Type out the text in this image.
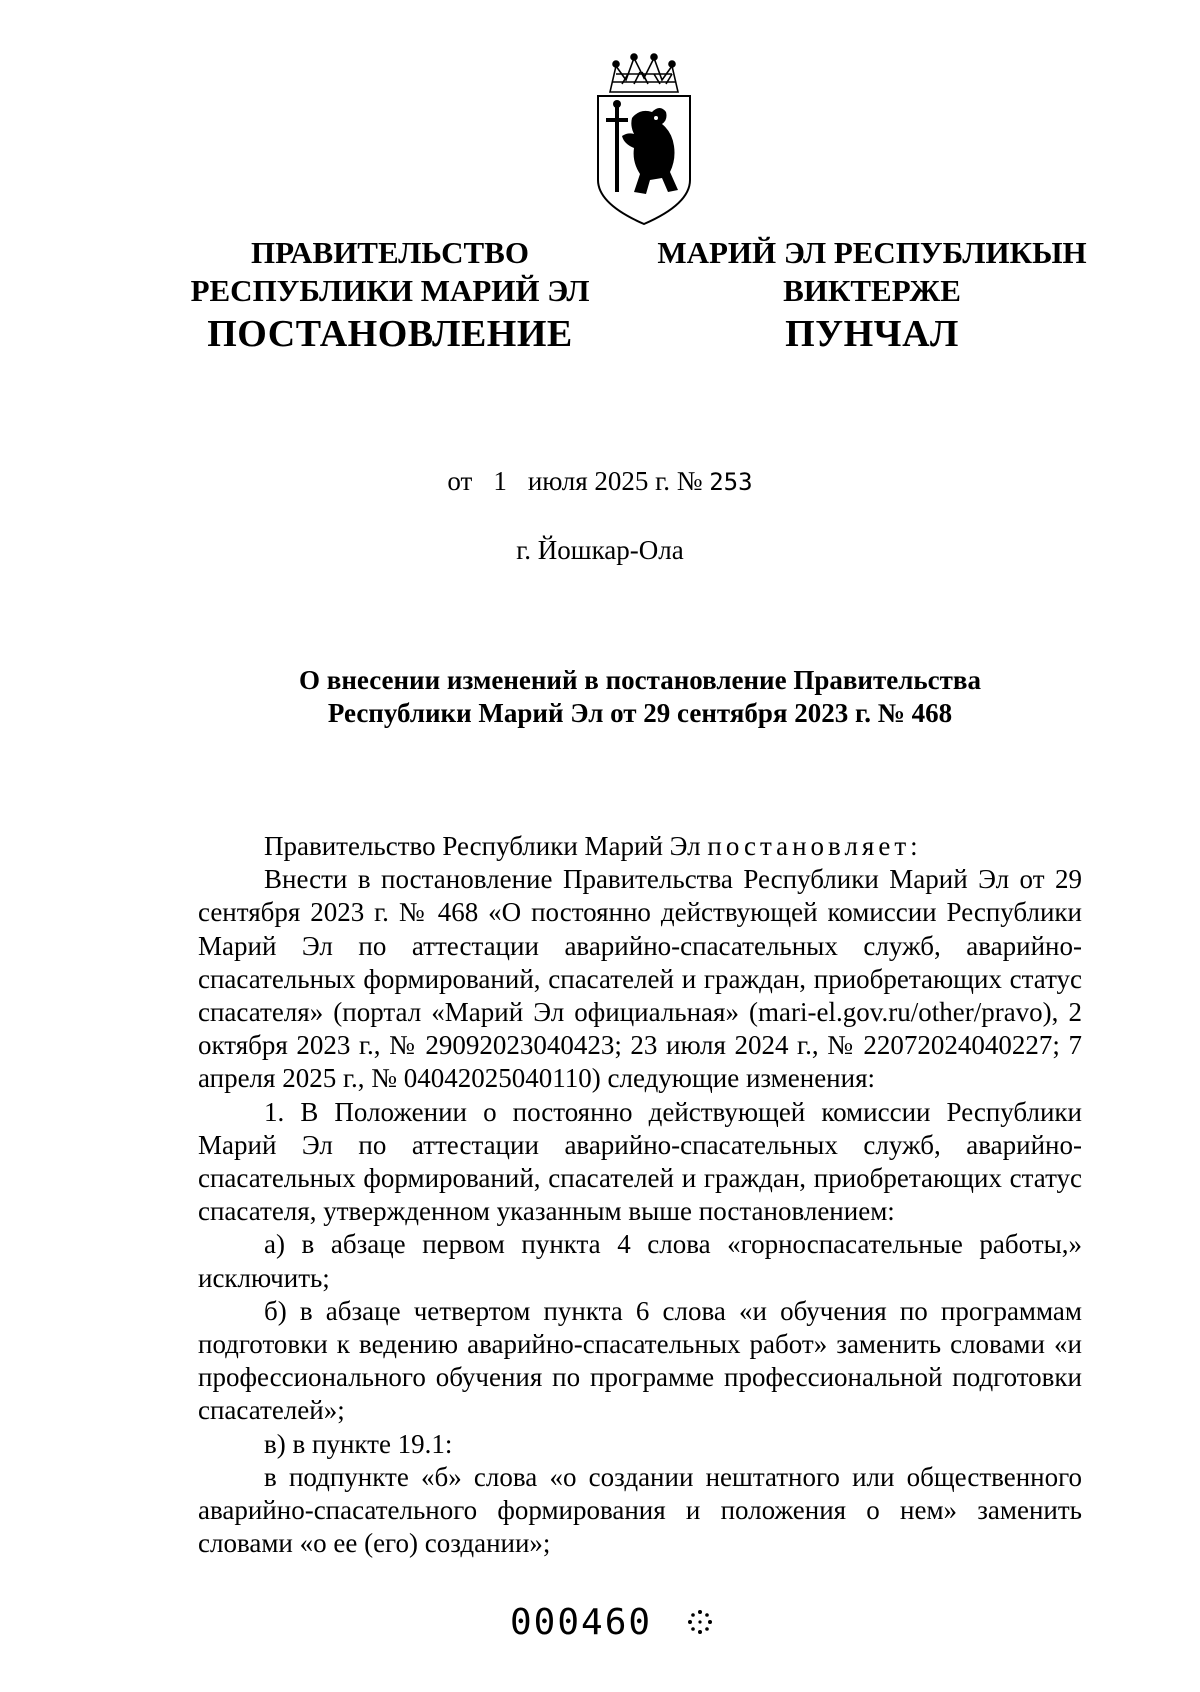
ПРАВИТЕЛЬСТВО
РЕСПУБЛИКИ МАРИЙ ЭЛ
ПОСТАНОВЛЕНИЕ
МАРИЙ ЭЛ РЕСПУБЛИКЫН
ВИКТЕРЖЕ
ПУНЧАЛ
от 1 июля 2025 г. № 253
г. Йошкар-Ола
О внесении изменений в постановление Правительства
Республики Марий Эл от 29 сентября 2023 г. № 468

Правительство Республики Марий Эл постановляет:

Внести в постановление Правительства Республики Марий Эл от 29 сентября 2023 г. № 468 «О постоянно действующей комиссии Республики Марий Эл по аттестации аварийно-спасательных служб, аварийно-спасательных формирований, спасателей и граждан, приобретающих статус спасателя» (портал «Марий Эл официальная» (mari-el.gov.ru/other/pravo), 2 октября 2023 г., № 29092023040423; 23 июля 2024 г., № 22072024040227; 7 апреля 2025 г., № 04042025040110) следующие изменения:

1. В Положении о постоянно действующей комиссии Республики Марий Эл по аттестации аварийно-спасательных служб, аварийно-спасательных формирований, спасателей и граждан, приобретающих статус спасателя, утвержденном указанным выше постановлением:

а) в абзаце первом пункта 4 слова «горноспасательные работы,» исключить;

б) в абзаце четвертом пункта 6 слова «и обучения по программам подготовки к ведению аварийно-спасательных работ» заменить словами «и профессионального обучения по программе профессиональной подготовки спасателей»;

в) в пункте 19.1:

в подпункте «б» слова «о создании нештатного или общественного аварийно-спасательного формирования и положения о нем» заменить словами «о ее (его) создании»;

000460
